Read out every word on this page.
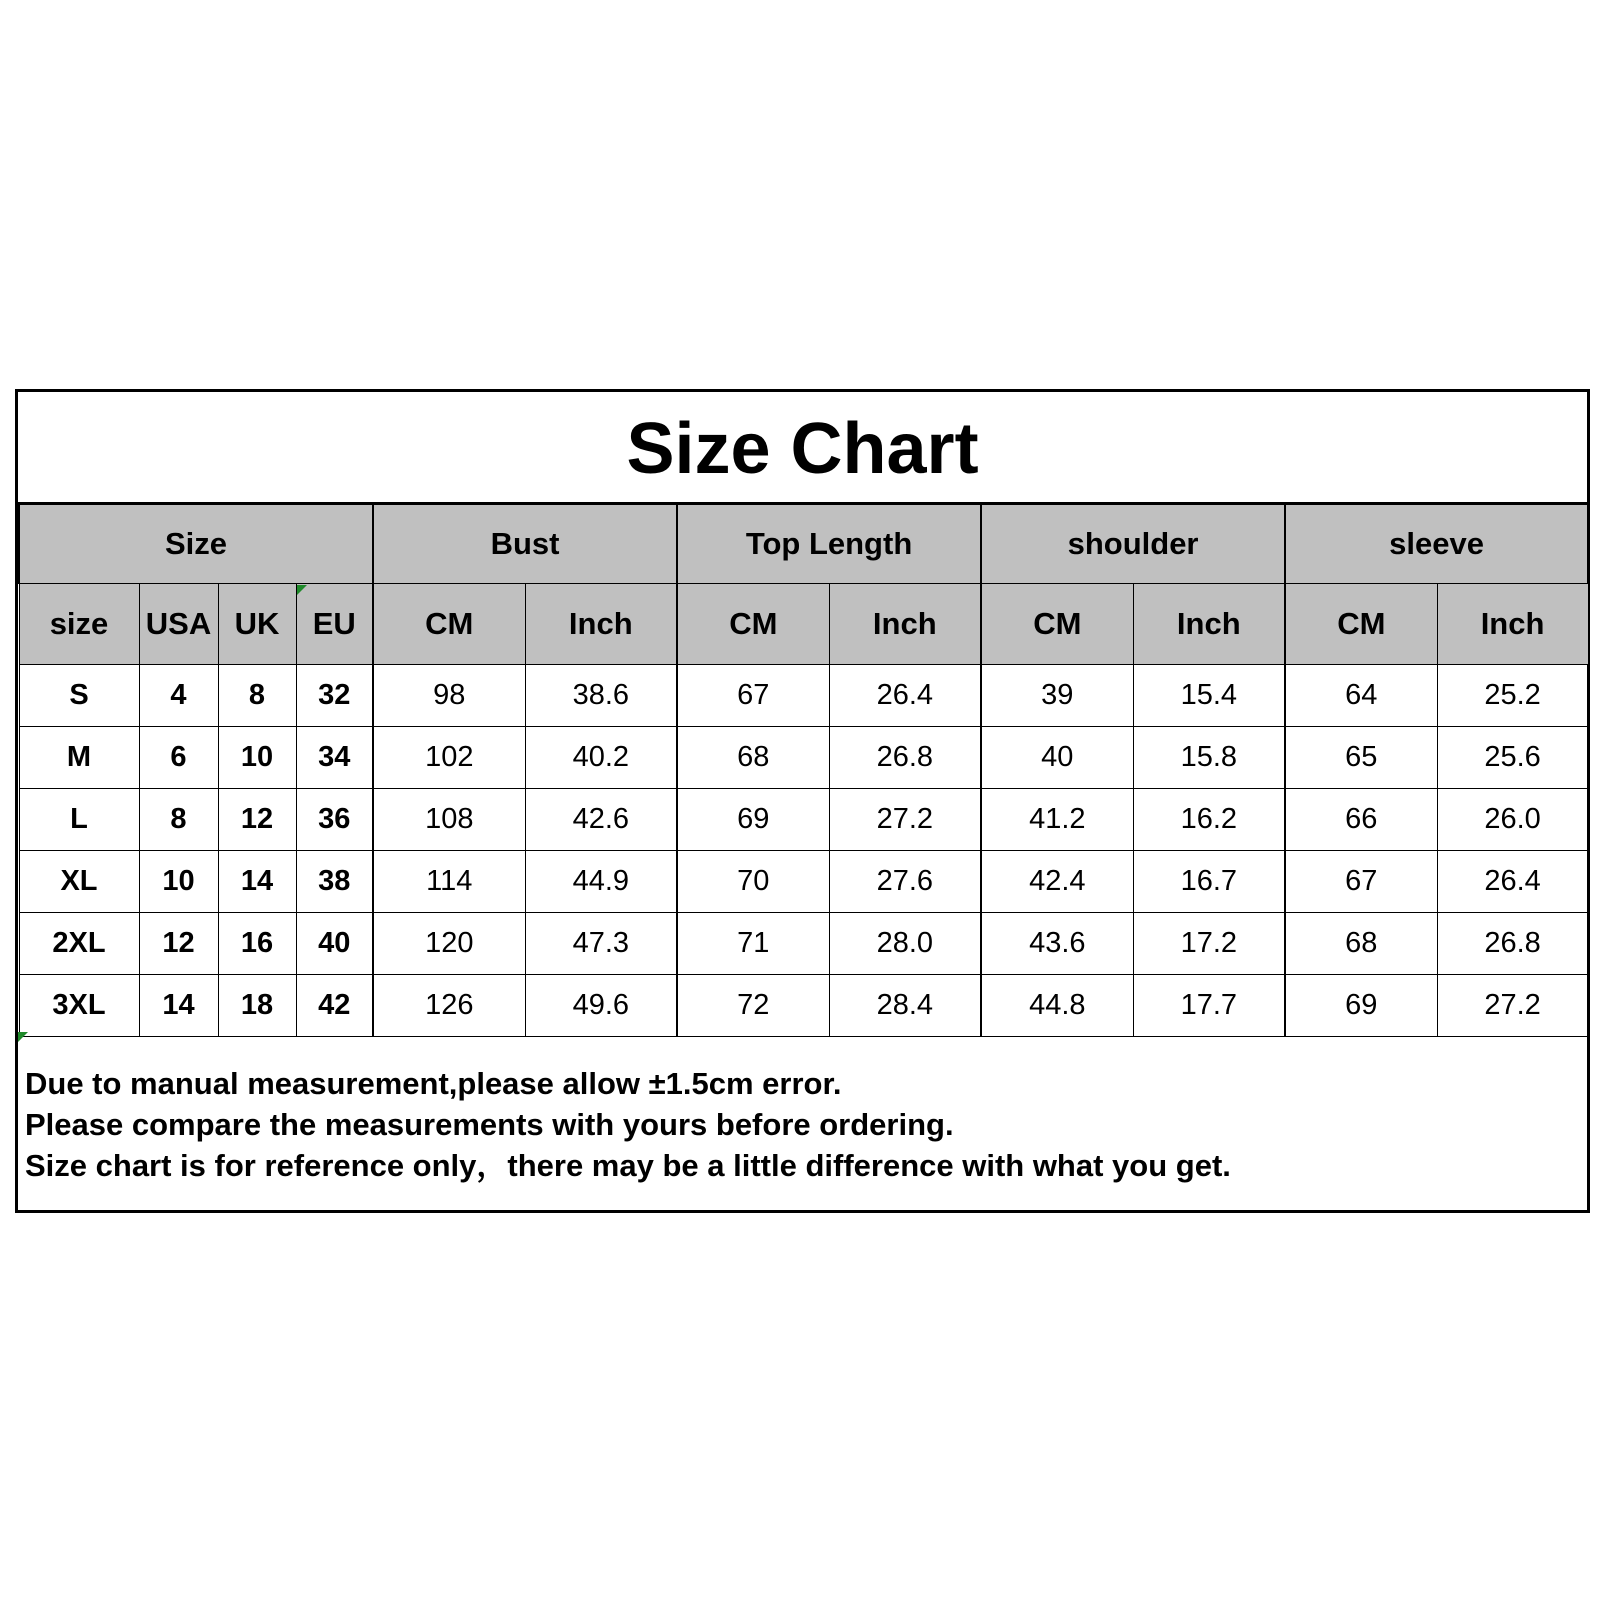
Size Chart
Size				Bust		Top Length		shoulder		sleeve	
size	USA	UK	EU	CM	Inch	CM	Inch	CM	Inch	CM	Inch
S	4	8	32	98	38.6	67	26.4	39	15.4	64	25.2
M	6	10	34	102	40.2	68	26.8	40	15.8	65	25.6
L	8	12	36	108	42.6	69	27.2	41.2	16.2	66	26.0
XL	10	14	38	114	44.9	70	27.6	42.4	16.7	67	26.4
2XL	12	16	40	120	47.3	71	28.0	43.6	17.2	68	26.8
3XL	14	18	42	126	49.6	72	28.4	44.8	17.7	69	27.2
Due to manual measurement,please allow ±1.5cm error.
Please compare the measurements with yours before ordering.
Size chart is for reference only，there may be a little difference with what you get.
